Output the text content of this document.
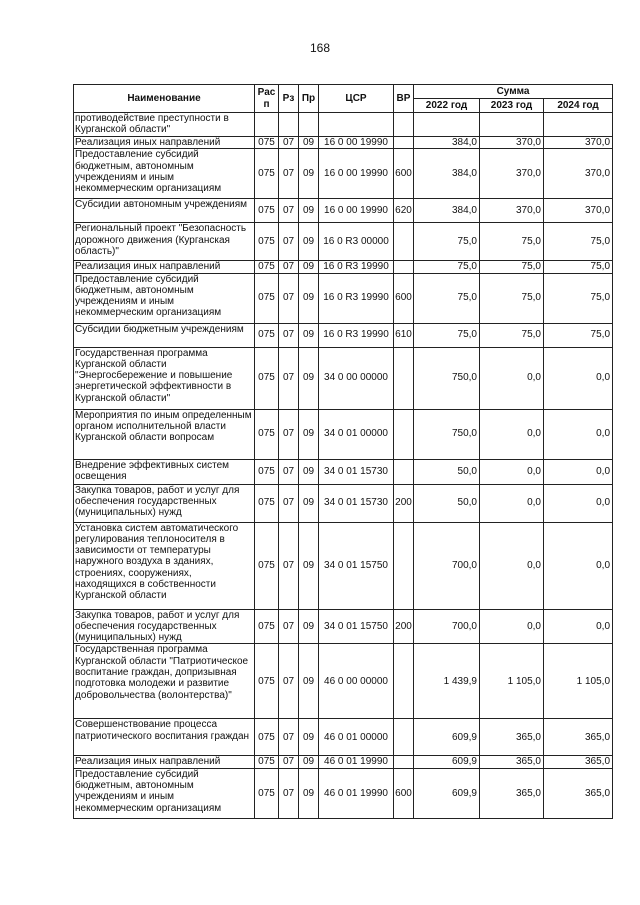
168
Наименование	Рас п	Рз	Пр	ЦСР	ВР	Сумма		
						2022 год	2023 год	2024 год
противодействие преступности в Курганской области"								
Реализация иных направлений	075	07	09	16 0 00 19990		384,0	370,0	370,0
Предоставление субсидий бюджетным, автономным учреждениям и иным некоммерческим организациям	075	07	09	16 0 00 19990	600	384,0	370,0	370,0
Субсидии автономным учреждениям	075	07	09	16 0 00 19990	620	384,0	370,0	370,0
Региональный проект "Безопасность дорожного движения (Курганская область)"	075	07	09	16 0 R3 00000		75,0	75,0	75,0
Реализация иных направлений	075	07	09	16 0 R3 19990		75,0	75,0	75,0
Предоставление субсидий бюджетным, автономным учреждениям и иным некоммерческим организациям	075	07	09	16 0 R3 19990	600	75,0	75,0	75,0
Субсидии бюджетным учреждениям	075	07	09	16 0 R3 19990	610	75,0	75,0	75,0
Государственная программа Курганской области "Энергосбережение и повышение энергетической эффективности в Курганской области"	075	07	09	34 0 00 00000		750,0	0,0	0,0
Мероприятия по иным определенным органом исполнительной власти Курганской области вопросам	075	07	09	34 0 01 00000		750,0	0,0	0,0
Внедрение эффективных систем освещения	075	07	09	34 0 01 15730		50,0	0,0	0,0
Закупка товаров, работ и услуг для обеспечения государственных (муниципальных) нужд	075	07	09	34 0 01 15730	200	50,0	0,0	0,0
Установка систем автоматического регулирования теплоносителя в зависимости от температуры наружного воздуха в зданиях, строениях, сооружениях, находящихся в собственности Курганской области	075	07	09	34 0 01 15750		700,0	0,0	0,0
Закупка товаров, работ и услуг для обеспечения государственных (муниципальных) нужд	075	07	09	34 0 01 15750	200	700,0	0,0	0,0
Государственная программа Курганской области "Патриотическое воспитание граждан, допризывная подготовка молодежи и развитие добровольчества (волонтерства)"	075	07	09	46 0 00 00000		1 439,9	1 105,0	1 105,0
Совершенствование процесса патриотического воспитания граждан	075	07	09	46 0 01 00000		609,9	365,0	365,0
Реализация иных направлений	075	07	09	46 0 01 19990		609,9	365,0	365,0
Предоставление субсидий бюджетным, автономным учреждениям и иным некоммерческим организациям	075	07	09	46 0 01 19990	600	609,9	365,0	365,0
